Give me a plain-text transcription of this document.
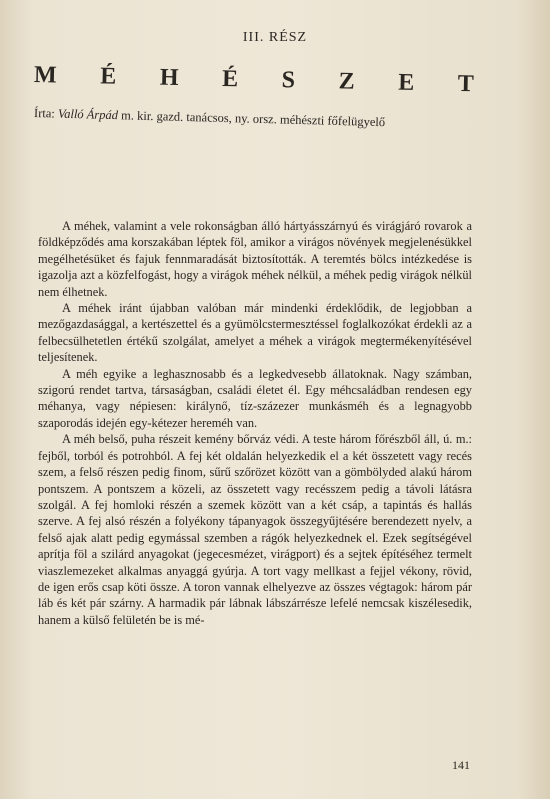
III. RÉSZ
M É H É S Z E T
Írta: Valló Árpád m. kir. gazd. tanácsos, ny. orsz. méhészti főfelügyelő

A méhek, valamint a vele rokonságban álló hártyásszárnyú és virágjáró rovarok a földképződés ama korszakában léptek föl, amikor a virágos növények megjelenésükkel megélhetésüket és fajuk fennmaradását biztosították. A teremtés bölcs intézkedése is igazolja azt a közfelfogást, hogy a virágok méhek nélkül, a méhek pedig virágok nélkül nem élhetnek.

A méhek iránt újabban valóban már mindenki érdeklődik, de legjobban a mezőgazdasággal, a kertészettel és a gyümölcstermesztéssel foglalkozókat érdekli az a felbecsülhetetlen értékű szolgálat, amelyet a méhek a virágok megtermékenyítésével teljesítenek.

A méh egyike a leghasznosabb és a legkedvesebb állatoknak. Nagy számban, szigorú rendet tartva, társaságban, családi életet él. Egy méhcsaládban rendesen egy méhanya, vagy népiesen: királynő, tíz-százezer munkásméh és a legnagyobb szaporodás idején egy-kétezer hereméh van.

A méh belső, puha részeit kemény bőrváz védi. A teste három főrészből áll, ú. m.: fejből, torból és potrohból. A fej két oldalán helyezkedik el a két összetett vagy recés szem, a felső részen pedig finom, sűrű szőrözet között van a gömbölyded alakú három pontszem. A pontszem a közeli, az összetett vagy recésszem pedig a távoli látásra szolgál. A fej homloki részén a szemek között van a két csáp, a tapintás és hallás szerve. A fej alsó részén a folyékony tápanyagok összegyűjtésére berendezett nyelv, a felső ajak alatt pedig egymással szemben a rágók helyezkednek el. Ezek segítségével aprítja föl a szilárd anyagokat (jegecesmézet, virágport) és a sejtek építéséhez termelt viaszlemezeket alkalmas anyaggá gyúrja. A tort vagy mellkast a fejjel vékony, rövid, de igen erős csap köti össze. A toron vannak elhelyezve az összes végtagok: három pár láb és két pár szárny. A harmadik pár lábnak lábszárrésze lefelé nemcsak kiszélesedik, hanem a külső felületén be is mé-

141
